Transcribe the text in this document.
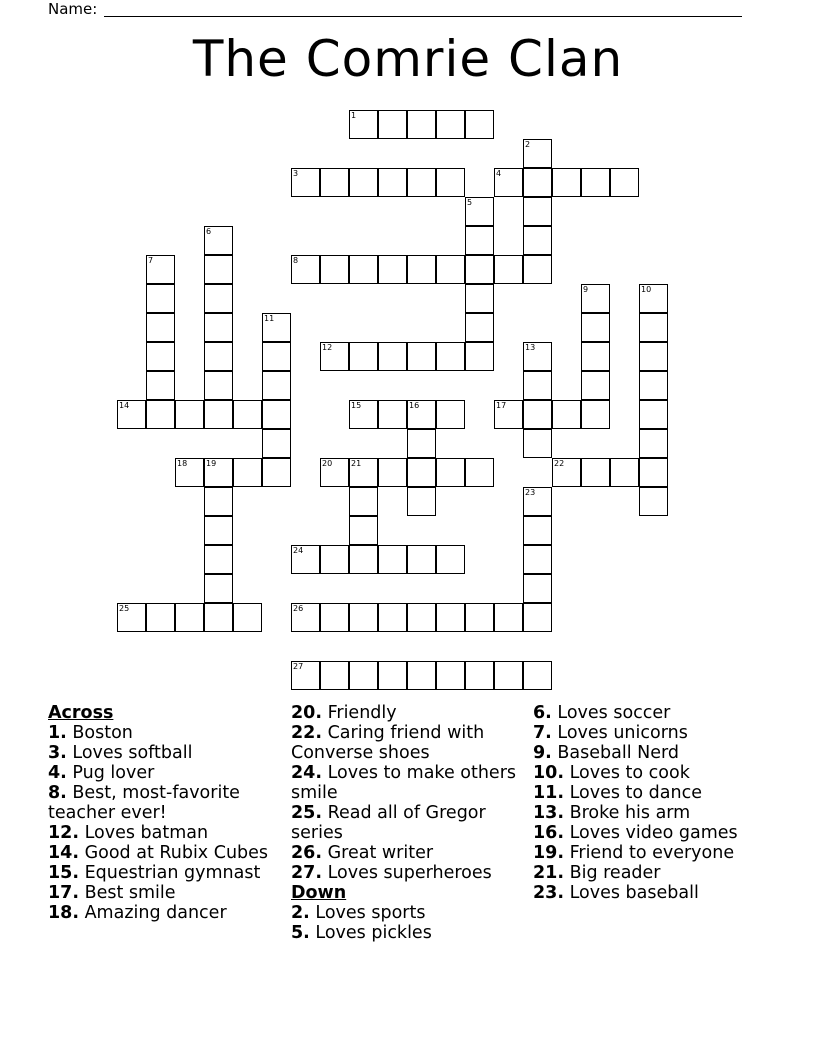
Name:
The Comrie Clan
1
3	4
8
12
14	15	16	17
18 19	20 21	22
24
25	26
27
2
5
6
7
9	10
11
13
23
Across
1. Boston
3. Loves softball
4. Pug lover
8. Best, most-favorite teacher ever!
12. Loves batman
14. Good at Rubix Cubes
15. Equestrian gymnast
17. Best smile
18. Amazing dancer
20. Friendly
22. Caring friend with Converse shoes
24. Loves to make others smile
25. Read all of Gregor series
26. Great writer
27. Loves superheroes
Down
2. Loves sports
5. Loves pickles
6. Loves soccer
7. Loves unicorns
9. Baseball Nerd
10. Loves to cook
11. Loves to dance
13. Broke his arm
16. Loves video games
19. Friend to everyone
21. Big reader
23. Loves baseball
